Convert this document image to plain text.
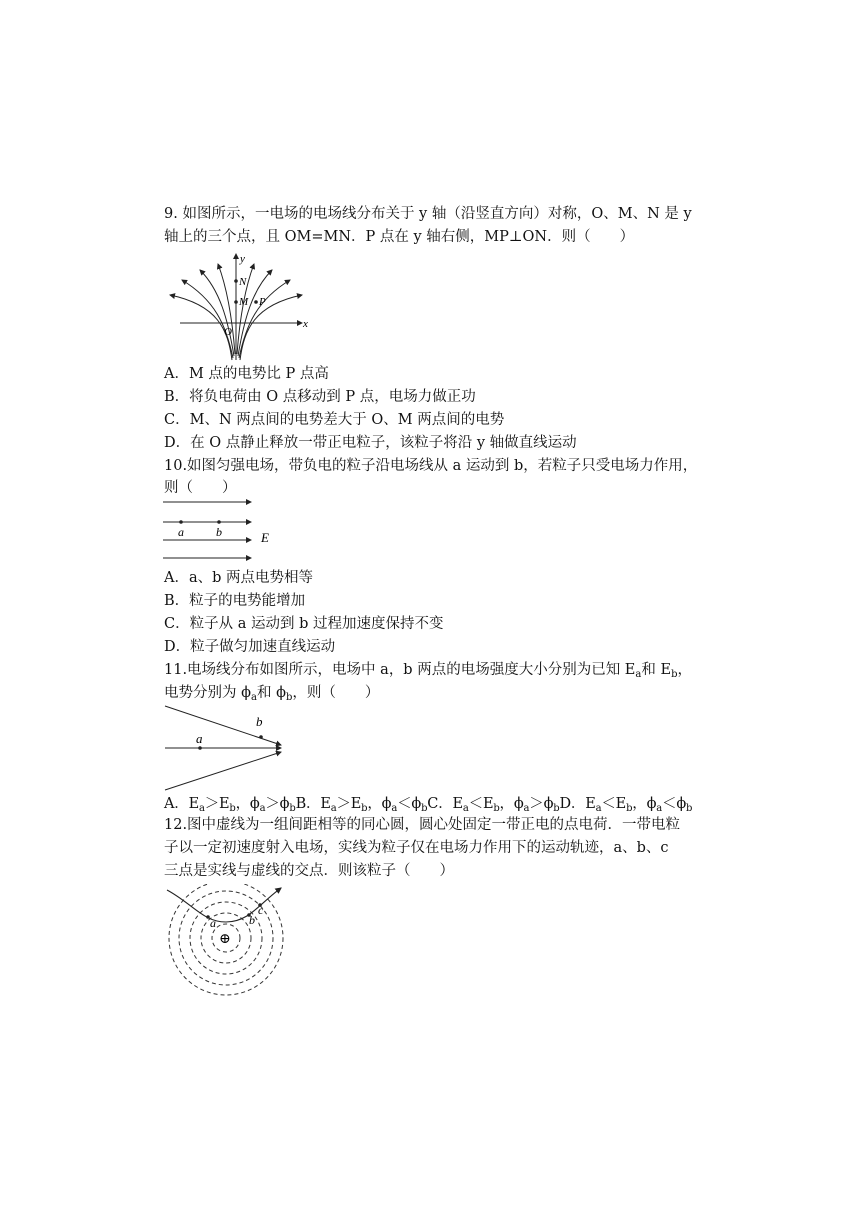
9. 如图所示，一电场的电场线分布关于 y 轴（沿竖直方向）对称，O、M、N 是 y
轴上的三个点，且 OM=MN．P 点在 y 轴右侧，MP⊥ON．则（　　）
y
x
N
M P
O
A．M 点的电势比 P 点高
B．将负电荷由 O 点移动到 P 点，电场力做正功
C．M、N 两点间的电势差大于 O、M 两点间的电势
D．在 O 点静止释放一带正电粒子，该粒子将沿 y 轴做直线运动
10.如图匀强电场，带负电的粒子沿电场线从 a 运动到 b，若粒子只受电场力作用，
则（　　）
a	b	E
A．a、b 两点电势相等
B．粒子的电势能增加
C．粒子从 a 运动到 b 过程加速度保持不变
D．粒子做匀加速直线运动
11.电场线分布如图所示，电场中 a，b 两点的电场强度大小分别为已知 $E_a$和 $E_b$，
电势分别为 $\phi_a$和 $\phi_b$，则（　　）
a
b
A．$E_a>E_b$，$\phi_a>\phi_bB$．$E_a>E_b$，$\phi_a<\phi_bC$．$E_a<E_b$，$\phi_a>\phi_bD$．$E_a<E_b$，$\phi_a<\phi_b$
12.图中虚线为一组间距相等的同心圆，圆心处固定一带正电的点电荷．一带电粒
子以一定初速度射入电场，实线为粒子仅在电场力作用下的运动轨迹，a、b、c
三点是实线与虚线的交点．则该粒子（　　）
a	b
c
⊕
